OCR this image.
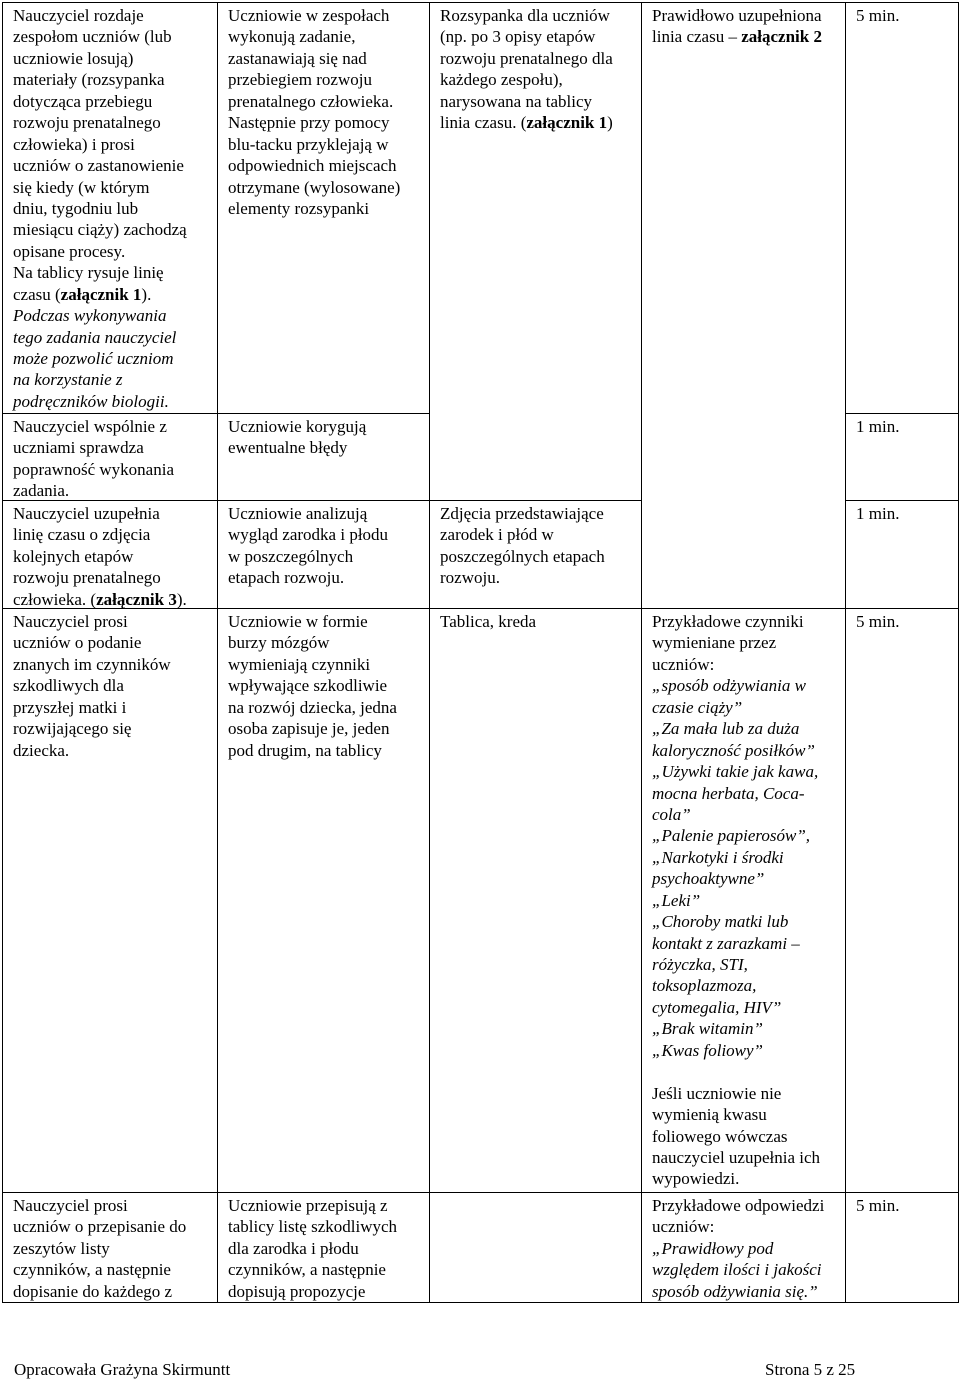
Nauczyciel rozdaje
zespołom uczniów (lub
uczniowie losują)
materiały (rozsypanka
dotycząca przebiegu
rozwoju prenatalnego
człowieka) i prosi
uczniów o zastanowienie
się kiedy (w którym
dniu, tygodniu lub
miesiącu ciąży) zachodzą
opisane procesy.
Na tablicy rysuje linię
czasu (załącznik 1).
Podczas wykonywania
tego zadania nauczyciel
może pozwolić uczniom
na korzystanie z
podręczników biologii.
Uczniowie w zespołach
wykonują zadanie,
zastanawiają się nad
przebiegiem rozwoju
prenatalnego człowieka.
Następnie przy pomocy
blu-tacku przyklejają w
odpowiednich miejscach
otrzymane (wylosowane)
elementy rozsypanki
Rozsypanka dla uczniów
(np. po 3 opisy etapów
rozwoju prenatalnego dla
każdego zespołu),
narysowana na tablicy
linia czasu. (załącznik 1)
Prawidłowo uzupełniona
linia czasu – załącznik 2
5 min.
Nauczyciel wspólnie z
uczniami sprawdza
poprawność wykonania
zadania.
Uczniowie korygują
ewentualne błędy
1 min.
Nauczyciel uzupełnia
linię czasu o zdjęcia
kolejnych etapów
rozwoju prenatalnego
człowieka. (załącznik 3).
Uczniowie analizują
wygląd zarodka i płodu
w poszczególnych
etapach rozwoju.
Zdjęcia przedstawiające
zarodek i płód w
poszczególnych etapach
rozwoju.
1 min.
Nauczyciel prosi
uczniów o podanie
znanych im czynników
szkodliwych dla
przyszłej matki i
rozwijającego się
dziecka.
Uczniowie w formie
burzy mózgów
wymieniają czynniki
wpływające szkodliwie
na rozwój dziecka, jedna
osoba zapisuje je, jeden
pod drugim, na tablicy
Tablica, kreda	Przykładowe czynniki
wymieniane przez
uczniów:
„sposób odżywiania w
czasie ciąży”
„Za mała lub za duża
kaloryczność posiłków”
„Używki takie jak kawa,
mocna herbata, Coca-
cola”
„Palenie papierosów”,
„Narkotyki i środki
psychoaktywne”
„Leki”
„Choroby matki lub
kontakt z zarazkami –
różyczka, STI,
toksoplazmoza,
cytomegalia, HIV”
„Brak witamin”
„Kwas foliowy”
Jeśli uczniowie nie
wymienią kwasu
foliowego wówczas
nauczyciel uzupełnia ich
wypowiedzi.
5 min.
Nauczyciel prosi
uczniów o przepisanie do
zeszytów listy
czynników, a następnie
dopisanie do każdego z
Uczniowie przepisują z
tablicy listę szkodliwych
dla zarodka i płodu
czynników, a następnie
dopisują propozycje
Przykładowe odpowiedzi
uczniów:
„Prawidłowy pod
względem ilości i jakości
sposób odżywiania się.”
5 min.
Opracowała Grażyna Skirmuntt	Strona 5 z 25
